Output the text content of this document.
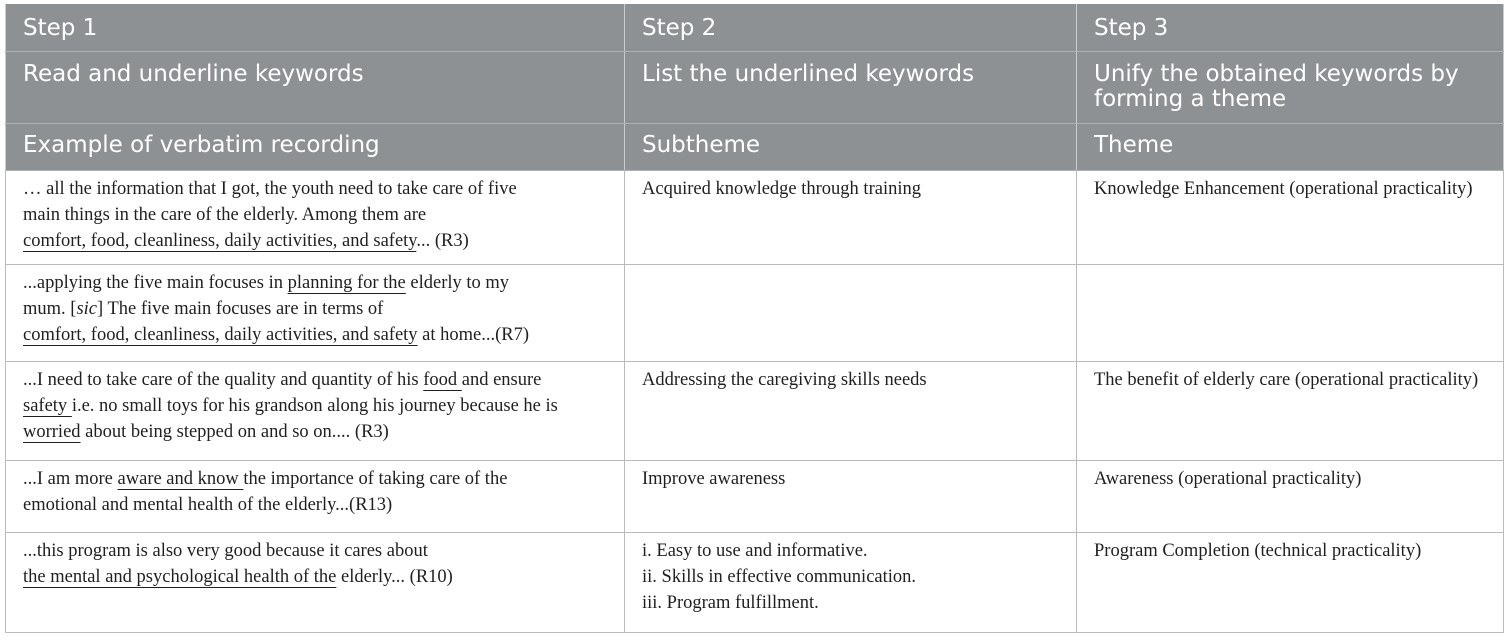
Step 1	Step 2	Step 3
Read and underline keywords	List the underlined keywords	Unify the obtained keywords by forming a theme
Example of verbatim recording	Subtheme	Theme

… all the information that I got, the youth need to take care of five
main things in the care of the elderly. Among them are
comfort, food, cleanliness, daily activities, and safety... (R3)	Acquired knowledge through training	Knowledge Enhancement (operational practicality)

...applying the five main focuses in planning for the elderly to my
mum. [sic] The five main focuses are in terms of
comfort, food, cleanliness, daily activities, and safety at home...(R7)		

...I need to take care of the quality and quantity of his food and ensure
safety i.e. no small toys for his grandson along his journey because he is
worried about being stepped on and so on.... (R3)	Addressing the caregiving skills needs	The benefit of elderly care (operational practicality)

...I am more aware and know the importance of taking care of the
emotional and mental health of the elderly...(R13)	Improve awareness	Awareness (operational practicality)

...this program is also very good because it cares about
the mental and psychological health of the elderly... (R10)	i. Easy to use and informative.
ii. Skills in effective communication.
iii. Program fulfillment.	Program Completion (technical practicality)
